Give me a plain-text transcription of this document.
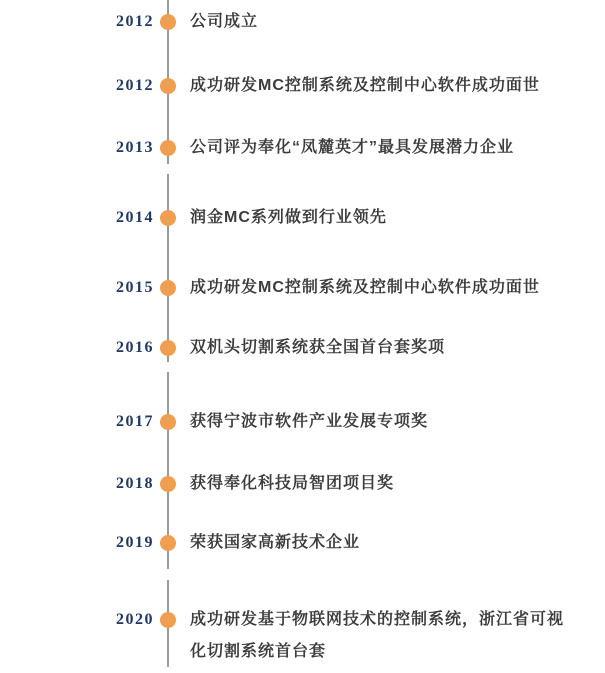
2012 公司成立
2012 成功研发MC控制系统及控制中心软件成功面世
2013 公司评为奉化“凤麓英才”最具发展潜力企业
2014 润金MC系列做到行业领先
2015 成功研发MC控制系统及控制中心软件成功面世
2016 双机头切割系统获全国首台套奖项
2017 获得宁波市软件产业发展专项奖
2018 获得奉化科技局智团项目奖
2019 荣获国家高新技术企业
2020 成功研发基于物联网技术的控制系统，浙江省可视化切割系统首台套
